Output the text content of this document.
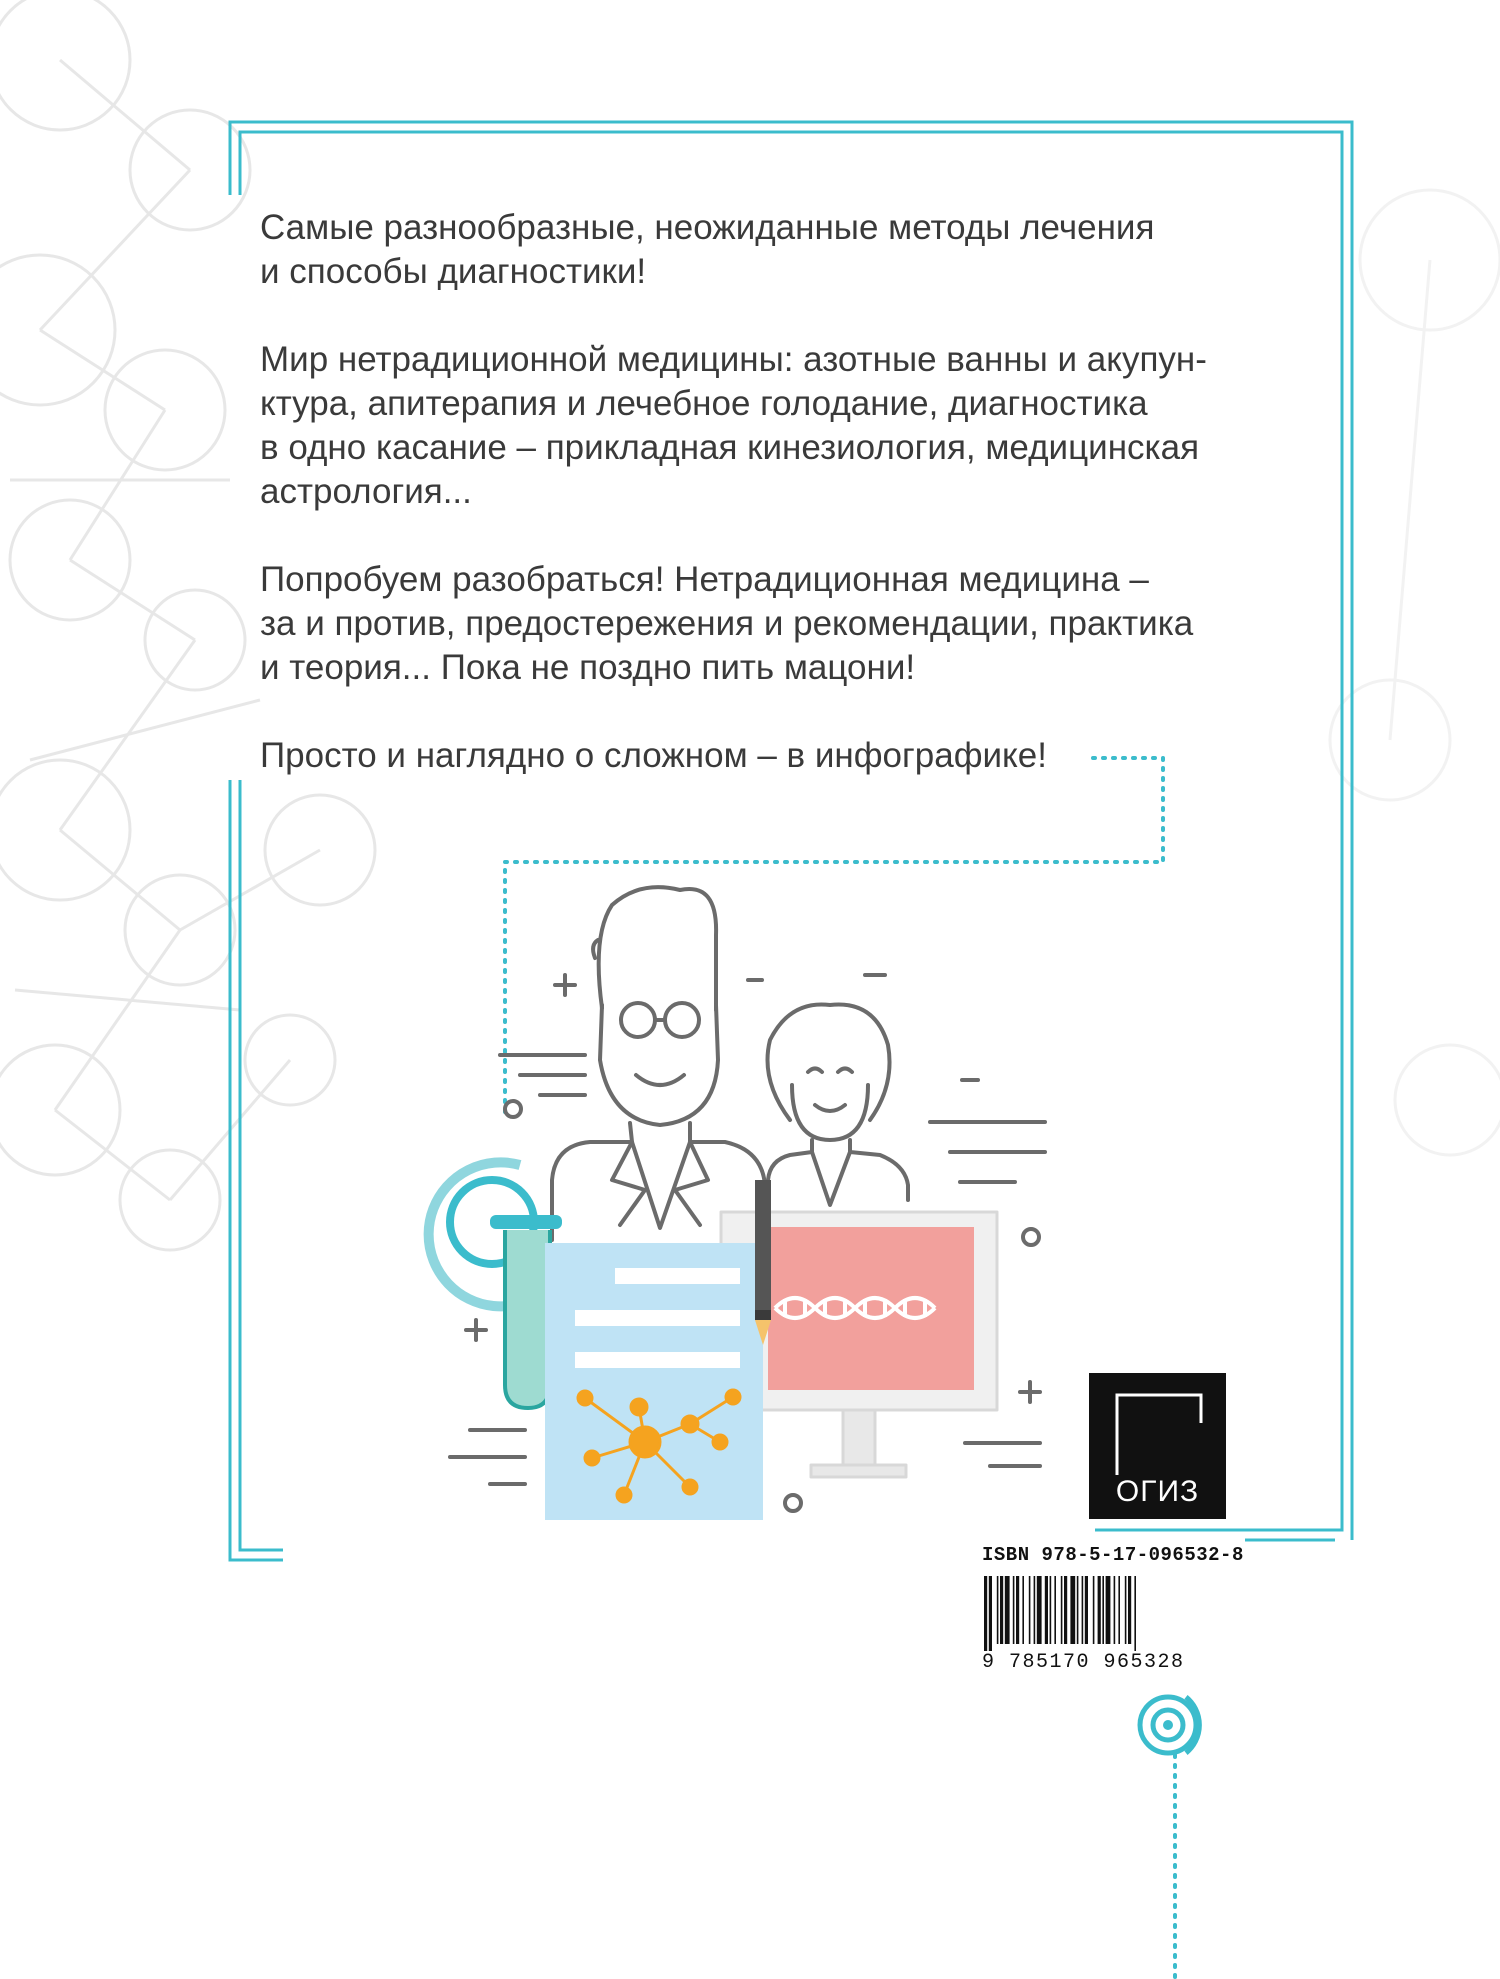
Самые разнообразные, неожиданные методы лечения
и способы диагностики!

Мир нетрадиционной медицины: азотные ванны и акупун-
ктура, апитерапия и лечебное голодание, диагностика
в одно касание – прикладная кинезиология, медицинская
астрология...

Попробуем разобраться! Нетрадиционная медицина –
за и против, предостережения и рекомендации, практика
и теория... Пока не поздно пить мацони!

Просто и наглядно о сложном – в инфографике!

ОГИЗ
ISBN 978-5-17-096532-8
9 785170 965328
